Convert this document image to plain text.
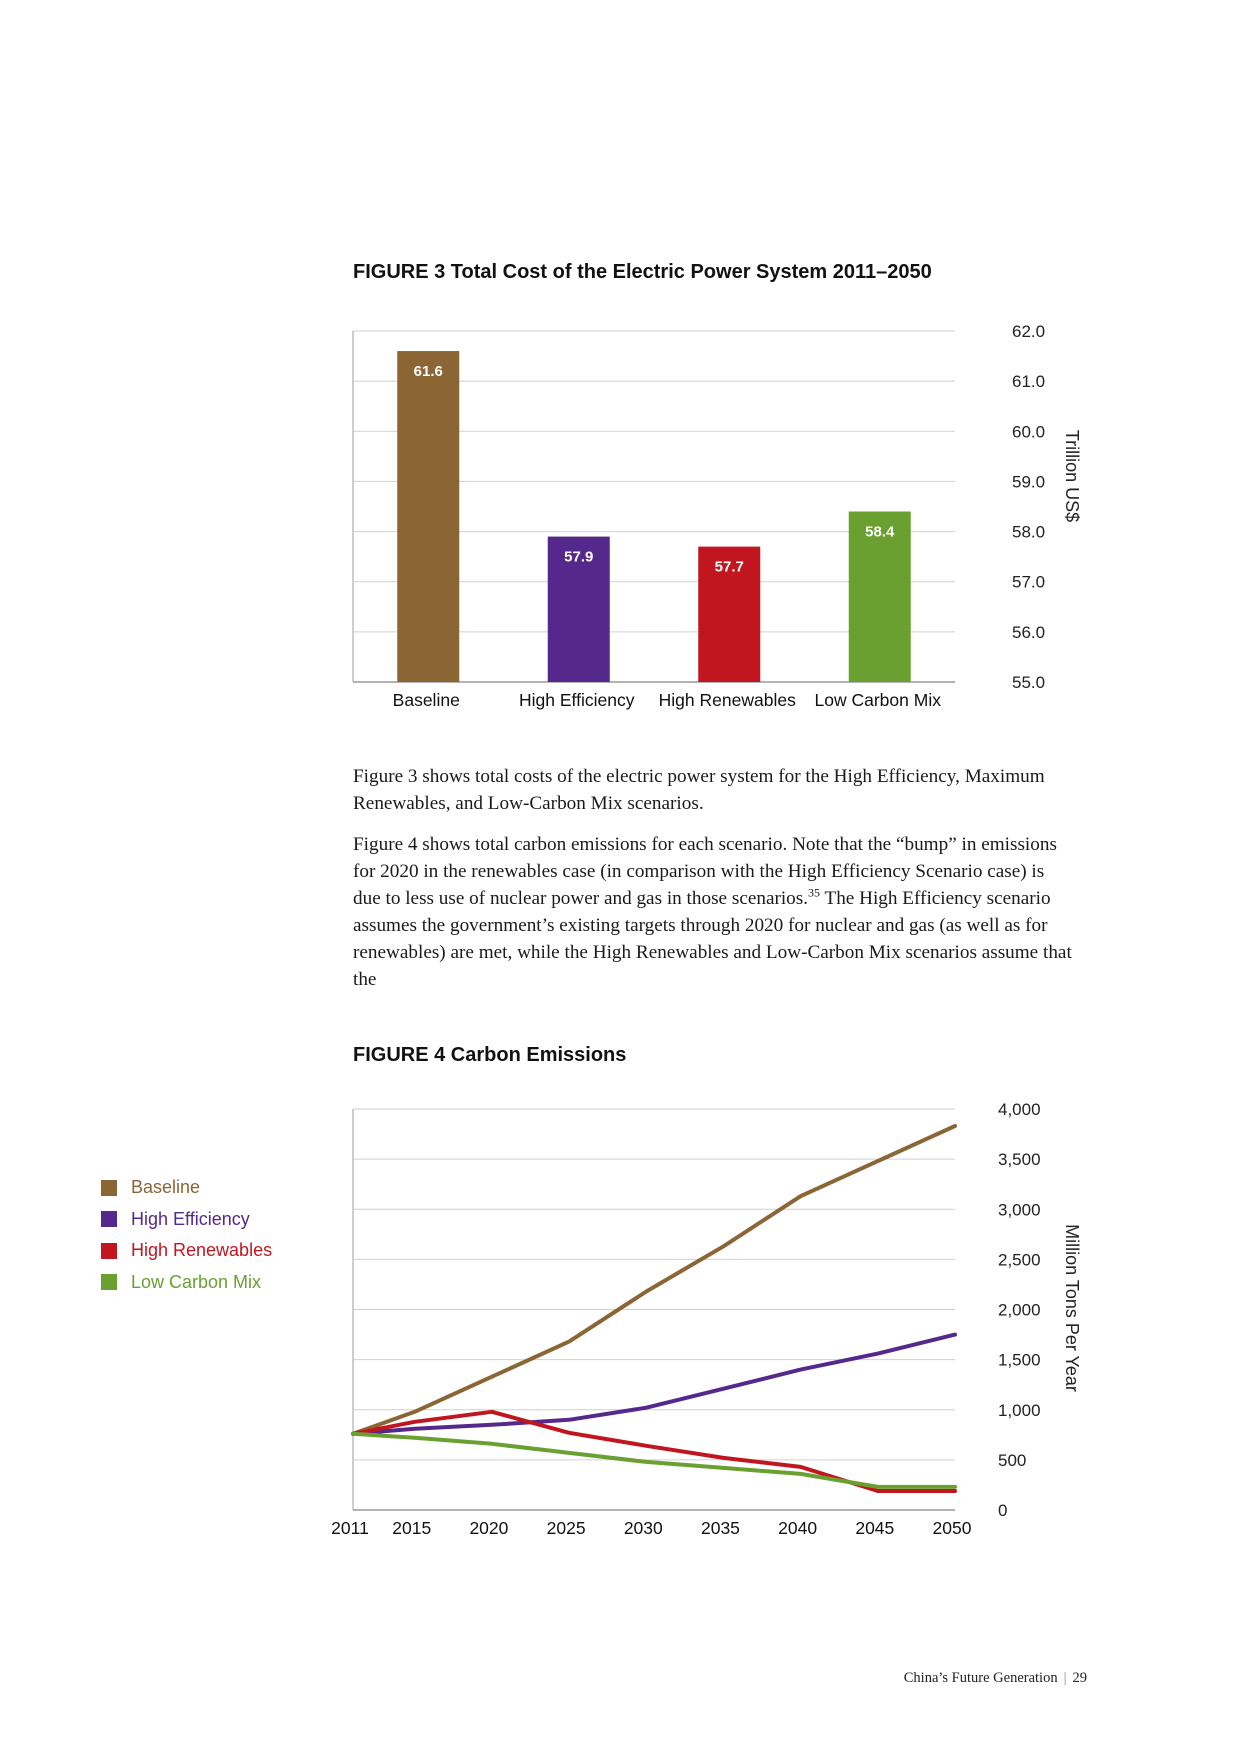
FIGURE 3 Total Cost of the Electric Power System 2011–2050
55.0
56.0
57.0
58.0
59.0
60.0
61.0
62.0
Trillion US$
61.6
Baseline
57.9
High Efficiency
57.7
High Renewables
58.4
Low Carbon Mix

Figure 3 shows total costs of the electric power system for the High Efficiency, Maximum Renewables, and Low-Carbon Mix scenarios.

Figure 4 shows total carbon emissions for each scenario. Note that the “bump” in emissions for 2020 in the renewables case (in comparison with the High Efficiency Scenario case) is due to less use of nuclear power and gas in those scenarios.$^{35}$ The High Efficiency scenario assumes the government’s existing targets through 2020 for nuclear and gas (as well as for renewables) are met, while the High Renewables and Low-Carbon Mix scenarios assume that the

FIGURE 4 Carbon Emissions
Baseline
High Efficiency
High Renewables
Low Carbon Mix
0
500
1,000
1,500
2,000
2,500
3,000
3,500
4,000
2011 2015 2020 2025 2030 2035 2040 2045 2050
Million Tons Per Year
China’s Future Generation | 29
